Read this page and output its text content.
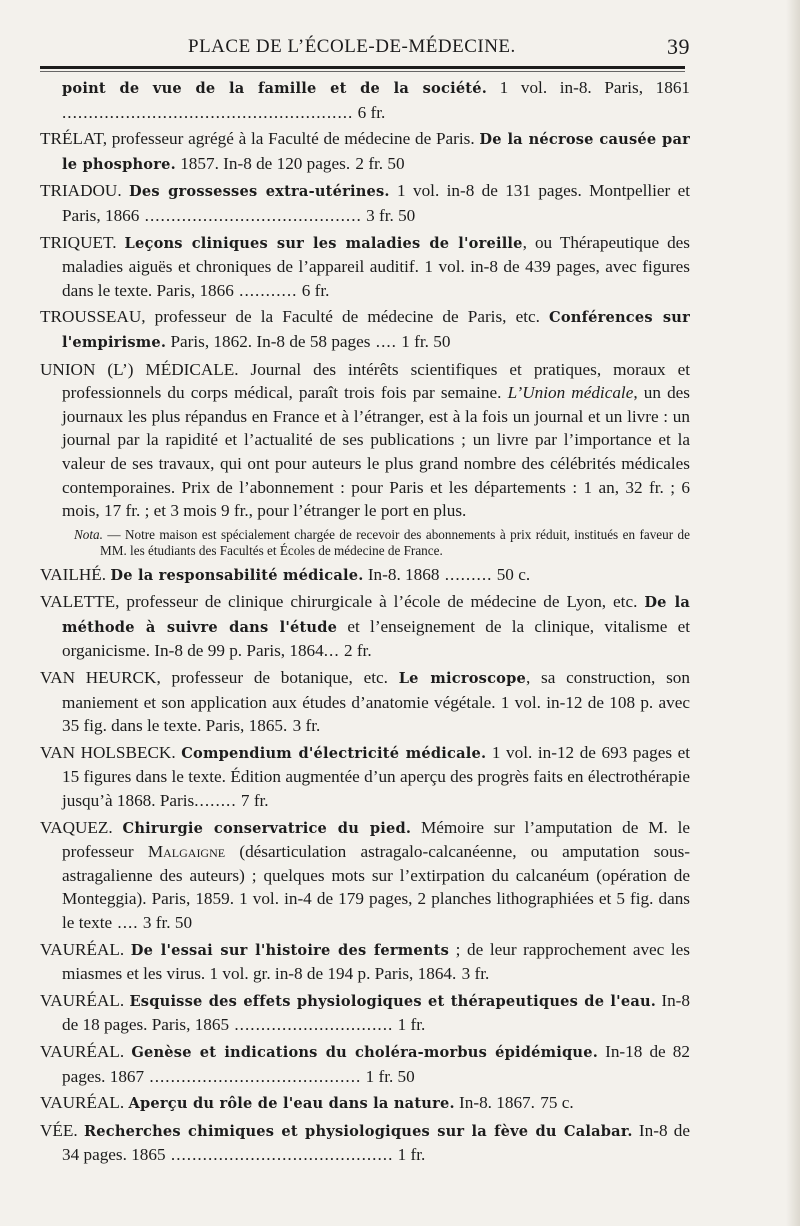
PLACE DE L’ÉCOLE-DE-MÉDECINE.	39

point de vue de la famille et de la société. 1 vol. in-8. Paris, 1861 ....................................................... 6 fr.

TRÉLAT, professeur agrégé à la Faculté de médecine de Paris. De la nécrose causée par le phosphore. 1857. In-8 de 120 pages. 2 fr. 50

TRIADOU. Des grossesses extra-utérines. 1 vol. in-8 de 131 pages. Montpellier et Paris, 1866 ......................................... 3 fr. 50

TRIQUET. Leçons cliniques sur les maladies de l'oreille, ou Thérapeutique des maladies aiguës et chroniques de l’appareil auditif. 1 vol. in-8 de 439 pages, avec figures dans le texte. Paris, 1866 ........... 6 fr.

TROUSSEAU, professeur de la Faculté de médecine de Paris, etc. Conférences sur l'empirisme. Paris, 1862. In-8 de 58 pages .... 1 fr. 50

UNION (L’) MÉDICALE. Journal des intérêts scientifiques et pratiques, moraux et professionnels du corps médical, paraît trois fois par semaine. L’Union médicale, un des journaux les plus répandus en France et à l’étranger, est à la fois un journal et un livre : un journal par la rapidité et l’actualité de ses publications ; un livre par l’importance et la valeur de ses travaux, qui ont pour auteurs le plus grand nombre des célébrités médicales contemporaines. Prix de l’abonnement : pour Paris et les départements : 1 an, 32 fr. ; 6 mois, 17 fr. ; et 3 mois 9 fr., pour l’étranger le port en plus.

Nota. — Notre maison est spécialement chargée de recevoir des abonnements à prix réduit, institués en faveur de MM. les étudiants des Facultés et Écoles de médecine de France.

VAILHÉ. De la responsabilité médicale. In-8. 1868 ......... 50 c.

VALETTE, professeur de clinique chirurgicale à l’école de médecine de Lyon, etc. De la méthode à suivre dans l'étude et l’enseignement de la clinique, vitalisme et organicisme. In-8 de 99 p. Paris, 1864... 2 fr.

VAN HEURCK, professeur de botanique, etc. Le microscope, sa construction, son maniement et son application aux études d’anatomie végétale. 1 vol. in-12 de 108 p. avec 35 fig. dans le texte. Paris, 1865. 3 fr.

VAN HOLSBECK. Compendium d'électricité médicale. 1 vol. in-12 de 693 pages et 15 figures dans le texte. Édition augmentée d’un aperçu des progrès faits en électrothérapie jusqu’à 1868. Paris........ 7 fr.

VAQUEZ. Chirurgie conservatrice du pied. Mémoire sur l’amputation de M. le professeur Malgaigne (désarticulation astragalo-calcanéenne, ou amputation sous-astragalienne des auteurs) ; quelques mots sur l’extirpation du calcanéum (opération de Monteggia). Paris, 1859. 1 vol. in-4 de 179 pages, 2 planches lithographiées et 5 fig. dans le texte .... 3 fr. 50

VAURÉAL. De l'essai sur l'histoire des ferments ; de leur rapprochement avec les miasmes et les virus. 1 vol. gr. in-8 de 194 p. Paris, 1864. 3 fr.

VAURÉAL. Esquisse des effets physiologiques et thérapeutiques de l'eau. In-8 de 18 pages. Paris, 1865 .............................. 1 fr.

VAURÉAL. Genèse et indications du choléra-morbus épidémique. In-18 de 82 pages. 1867 ........................................ 1 fr. 50

VAURÉAL. Aperçu du rôle de l'eau dans la nature. In-8. 1867. 75 c.

VÉE. Recherches chimiques et physiologiques sur la fève du Calabar. In-8 de 34 pages. 1865 .......................................... 1 fr.
